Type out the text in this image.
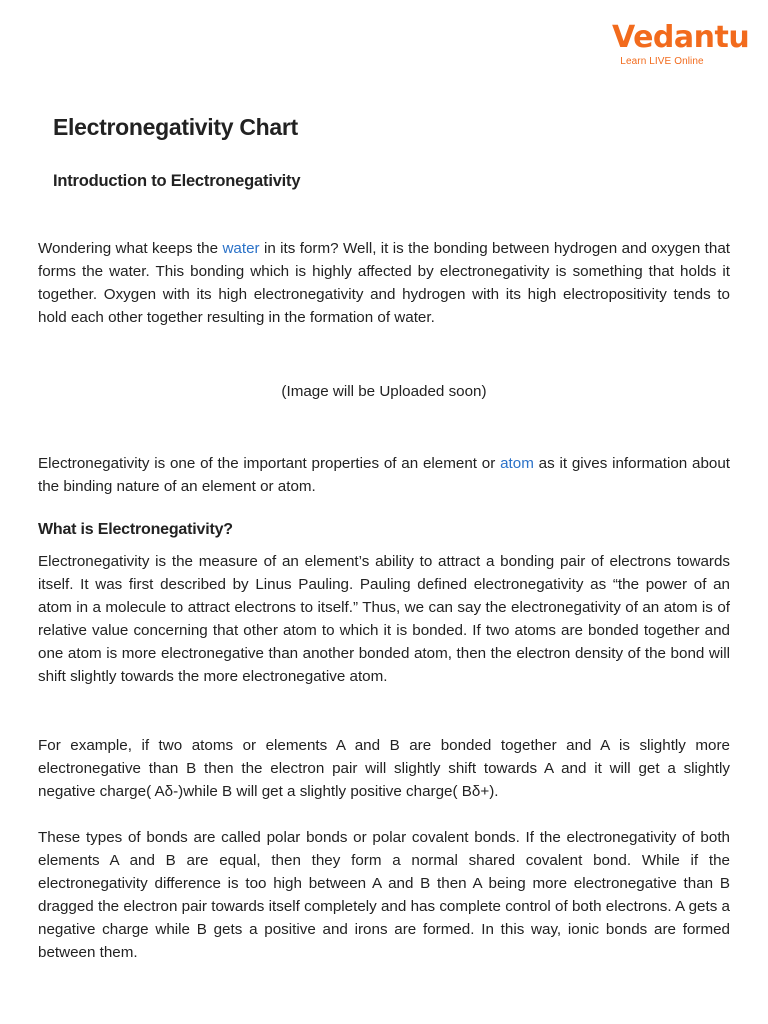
Vedantu
Learn LIVE Online
Electronegativity Chart
Introduction to Electronegativity

Wondering what keeps the water in its form? Well, it is the bonding between hydrogen and oxygen that forms the water. This bonding which is highly affected by electronegativity is something that holds it together. Oxygen with its high electronegativity and hydrogen with its high electropositivity tends to hold each other together resulting in the formation of water.

(Image will be Uploaded soon)

Electronegativity is one of the important properties of an element or atom as it gives information about the binding nature of an element or atom.

What is Electronegativity?

Electronegativity is the measure of an element’s ability to attract a bonding pair of electrons towards itself. It was first described by Linus Pauling. Pauling defined electronegativity as “the power of an atom in a molecule to attract electrons to itself.” Thus, we can say the electronegativity of an atom is of relative value concerning that other atom to which it is bonded. If two atoms are bonded together and one atom is more electronegative than another bonded atom, then the electron density of the bond will shift slightly towards the more electronegative atom.

For example, if two atoms or elements A and B are bonded together and A is slightly more electronegative than B then the electron pair will slightly shift towards A and it will get a slightly negative charge( Aδ-)while B will get a slightly positive charge( Bδ+).

These types of bonds are called polar bonds or polar covalent bonds. If the electronegativity of both elements A and B are equal, then they form a normal shared covalent bond. While if the electronegativity difference is too high between A and B then A being more electronegative than B dragged the electron pair towards itself completely and has complete control of both electrons. A gets a negative charge while B gets a positive and irons are formed. In this way, ionic bonds are formed between them.
